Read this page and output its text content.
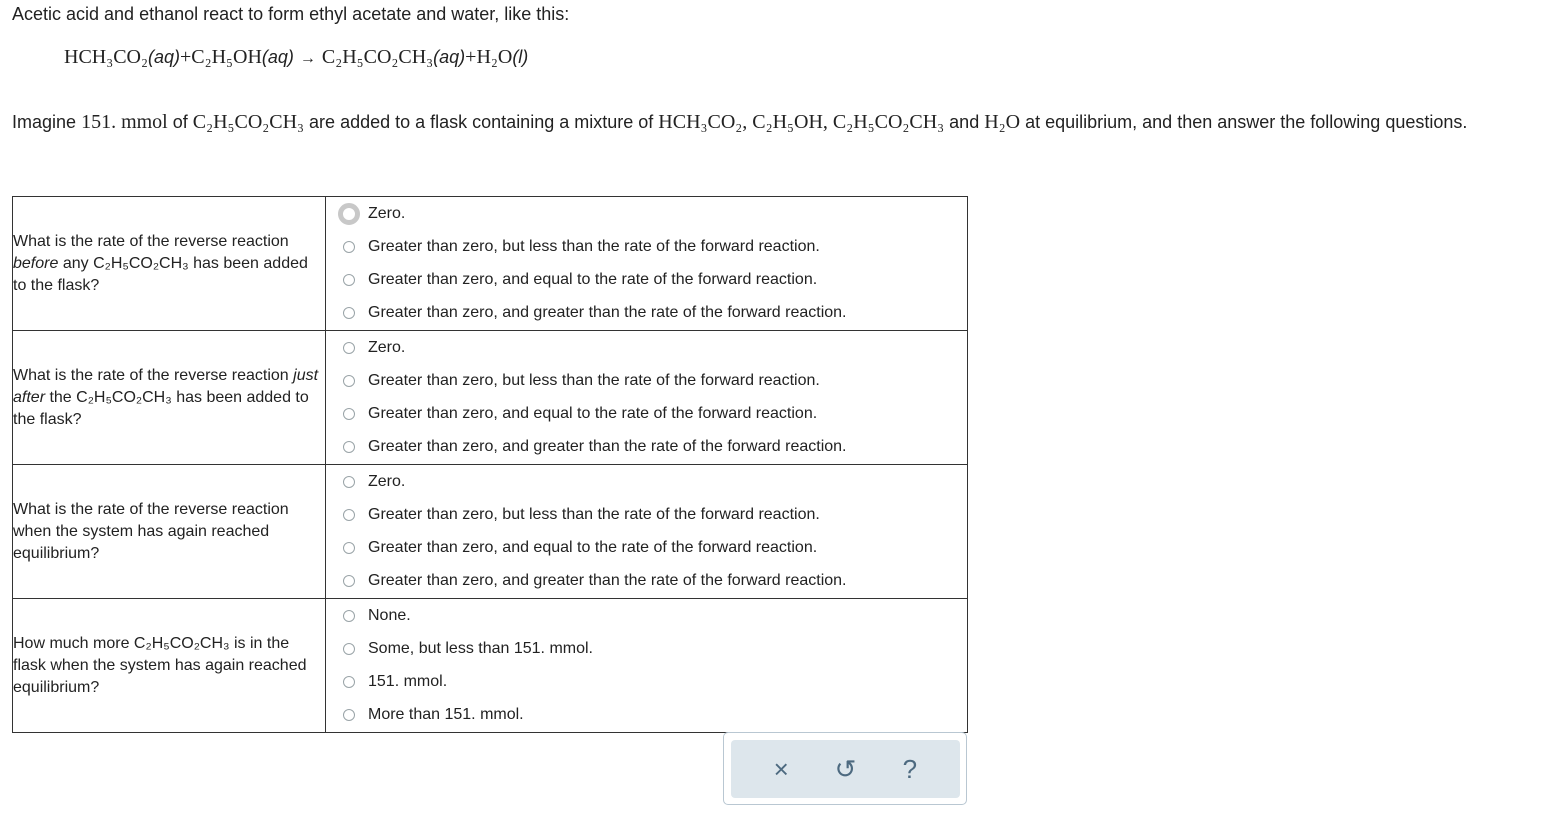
Acetic acid and ethanol react to form ethyl acetate and water, like this:
HCH₃CO₂(aq)+C₂H₅OH(aq) → C₂H₅CO₂CH₃(aq)+H₂O(l)
Imagine 151. mmol of C₂H₅CO₂CH₃ are added to a flask containing a mixture of HCH₃CO₂, C₂H₅OH, C₂H₅CO₂CH₃ and H₂O at equilibrium, and then answer the following questions.
What is the rate of the reverse reaction before any C₂H₅CO₂CH₃ has been added to the flask?	Zero.
Greater than zero, but less than the rate of the forward reaction.
Greater than zero, and equal to the rate of the forward reaction.
Greater than zero, and greater than the rate of the forward reaction.

What is the rate of the reverse reaction just after the C₂H₅CO₂CH₃ has been added to the flask?	Zero.
Greater than zero, but less than the rate of the forward reaction.
Greater than zero, and equal to the rate of the forward reaction.
Greater than zero, and greater than the rate of the forward reaction.

What is the rate of the reverse reaction when the system has again reached equilibrium?	Zero.
Greater than zero, but less than the rate of the forward reaction.
Greater than zero, and equal to the rate of the forward reaction.
Greater than zero, and greater than the rate of the forward reaction.

How much more C₂H₅CO₂CH₃ is in the flask when the system has again reached equilibrium?	None.
Some, but less than 151. mmol.
151. mmol.
More than 151. mmol.
×	↺	?
